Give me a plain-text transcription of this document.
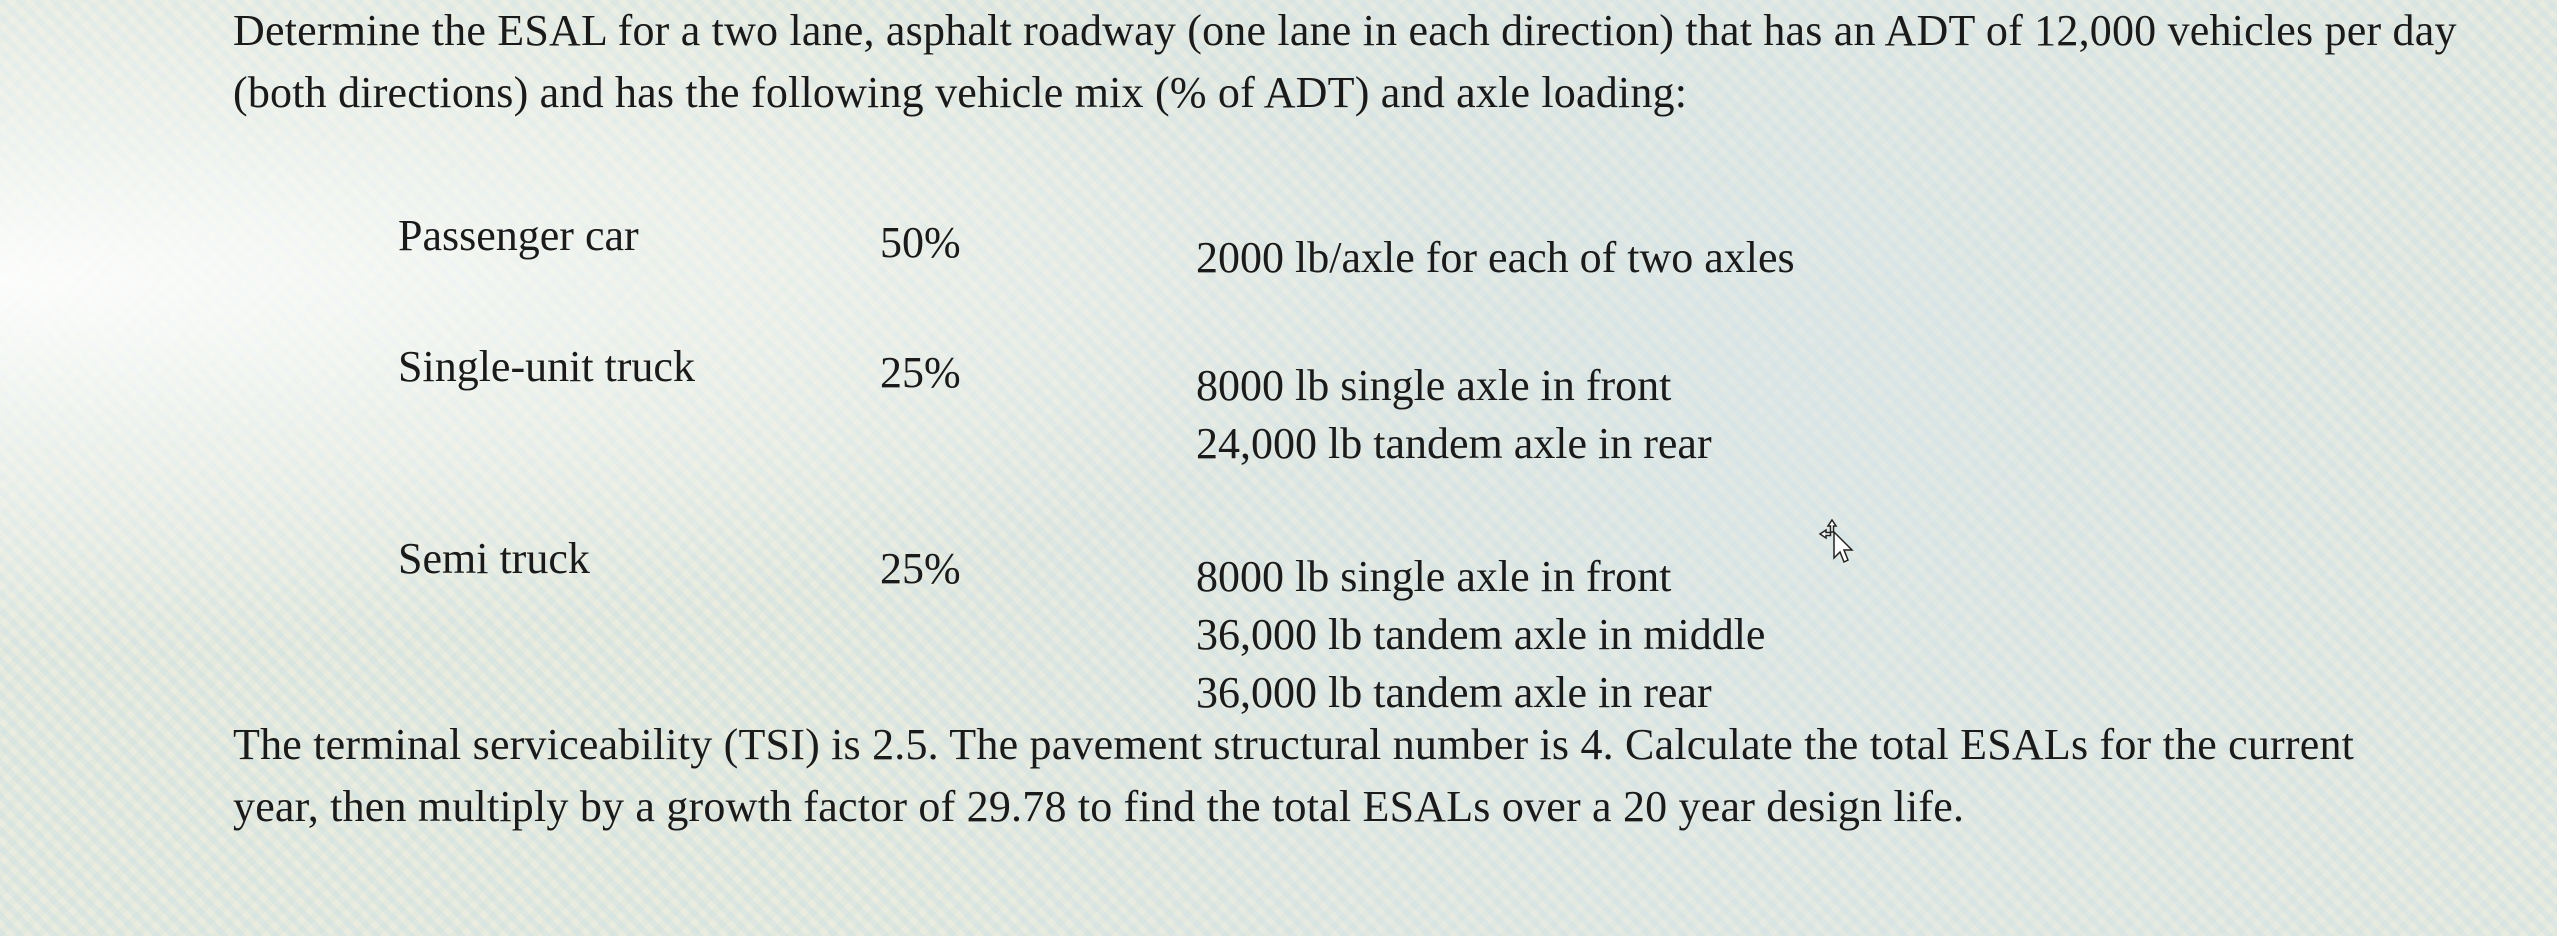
Determine the ESAL for a two lane, asphalt roadway (one lane in each direction) that has an ADT of 12,000 vehicles per day (both directions) and has the following vehicle mix (% of ADT) and axle loading:
Passenger car	50%	2000 lb/axle for each of two axles
Single-unit truck	25%	8000 lb single axle in front
24,000 lb tandem axle in rear
Semi truck	25%	8000 lb single axle in front
36,000 lb tandem axle in middle
36,000 lb tandem axle in rear
The terminal serviceability (TSI) is 2.5. The pavement structural number is 4. Calculate the total ESALs for the current year, then multiply by a growth factor of 29.78 to find the total ESALs over a 20 year design life.
